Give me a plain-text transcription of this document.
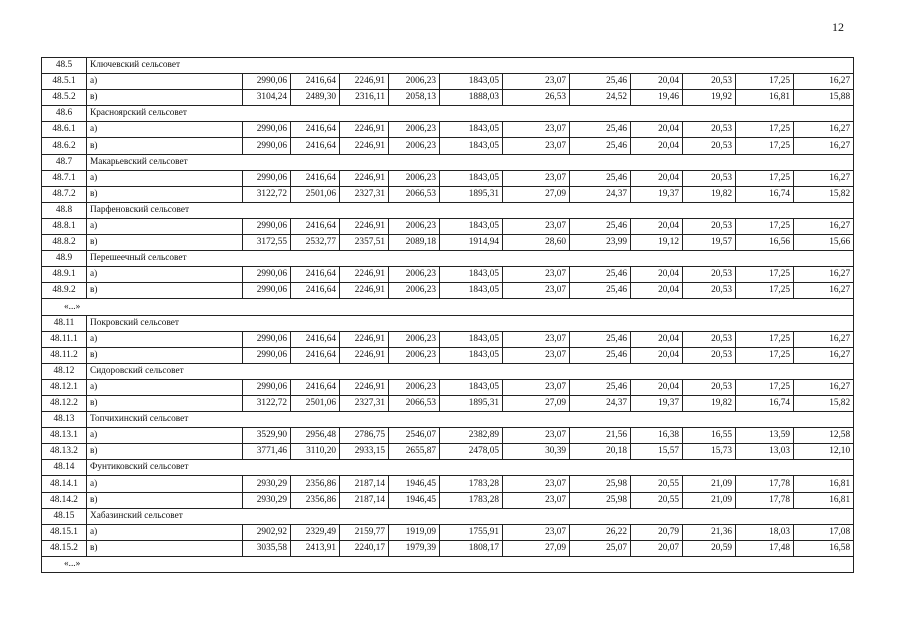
12
48.5	Ключевский сельсовет											
48.5.1	а)	2990,06	2416,64	2246,91	2006,23	1843,05	23,07	25,46	20,04	20,53	17,25	16,27
48.5.2	в)	3104,24	2489,30	2316,11	2058,13	1888,03	26,53	24,52	19,46	19,92	16,81	15,88
48.6	Красноярский сельсовет											
48.6.1	а)	2990,06	2416,64	2246,91	2006,23	1843,05	23,07	25,46	20,04	20,53	17,25	16,27
48.6.2	в)	2990,06	2416,64	2246,91	2006,23	1843,05	23,07	25,46	20,04	20,53	17,25	16,27
48.7	Макарьевский сельсовет											
48.7.1	а)	2990,06	2416,64	2246,91	2006,23	1843,05	23,07	25,46	20,04	20,53	17,25	16,27
48.7.2	в)	3122,72	2501,06	2327,31	2066,53	1895,31	27,09	24,37	19,37	19,82	16,74	15,82
48.8	Парфеновский сельсовет											
48.8.1	а)	2990,06	2416,64	2246,91	2006,23	1843,05	23,07	25,46	20,04	20,53	17,25	16,27
48.8.2	в)	3172,55	2532,77	2357,51	2089,18	1914,94	28,60	23,99	19,12	19,57	16,56	15,66
48.9	Перешеечный сельсовет											
48.9.1	а)	2990,06	2416,64	2246,91	2006,23	1843,05	23,07	25,46	20,04	20,53	17,25	16,27
48.9.2	в)	2990,06	2416,64	2246,91	2006,23	1843,05	23,07	25,46	20,04	20,53	17,25	16,27
«...»												
48.11	Покровский сельсовет											
48.11.1	а)	2990,06	2416,64	2246,91	2006,23	1843,05	23,07	25,46	20,04	20,53	17,25	16,27
48.11.2	в)	2990,06	2416,64	2246,91	2006,23	1843,05	23,07	25,46	20,04	20,53	17,25	16,27
48.12	Сидоровский сельсовет											
48.12.1	а)	2990,06	2416,64	2246,91	2006,23	1843,05	23,07	25,46	20,04	20,53	17,25	16,27
48.12.2	в)	3122,72	2501,06	2327,31	2066,53	1895,31	27,09	24,37	19,37	19,82	16,74	15,82
48.13	Топчихинский сельсовет											
48.13.1	а)	3529,90	2956,48	2786,75	2546,07	2382,89	23,07	21,56	16,38	16,55	13,59	12,58
48.13.2	в)	3771,46	3110,20	2933,15	2655,87	2478,05	30,39	20,18	15,57	15,73	13,03	12,10
48.14	Фунтиковский сельсовет											
48.14.1	а)	2930,29	2356,86	2187,14	1946,45	1783,28	23,07	25,98	20,55	21,09	17,78	16,81
48.14.2	в)	2930,29	2356,86	2187,14	1946,45	1783,28	23,07	25,98	20,55	21,09	17,78	16,81
48.15	Хабазинский сельсовет											
48.15.1	а)	2902,92	2329,49	2159,77	1919,09	1755,91	23,07	26,22	20,79	21,36	18,03	17,08
48.15.2	в)	3035,58	2413,91	2240,17	1979,39	1808,17	27,09	25,07	20,07	20,59	17,48	16,58
«...»												
